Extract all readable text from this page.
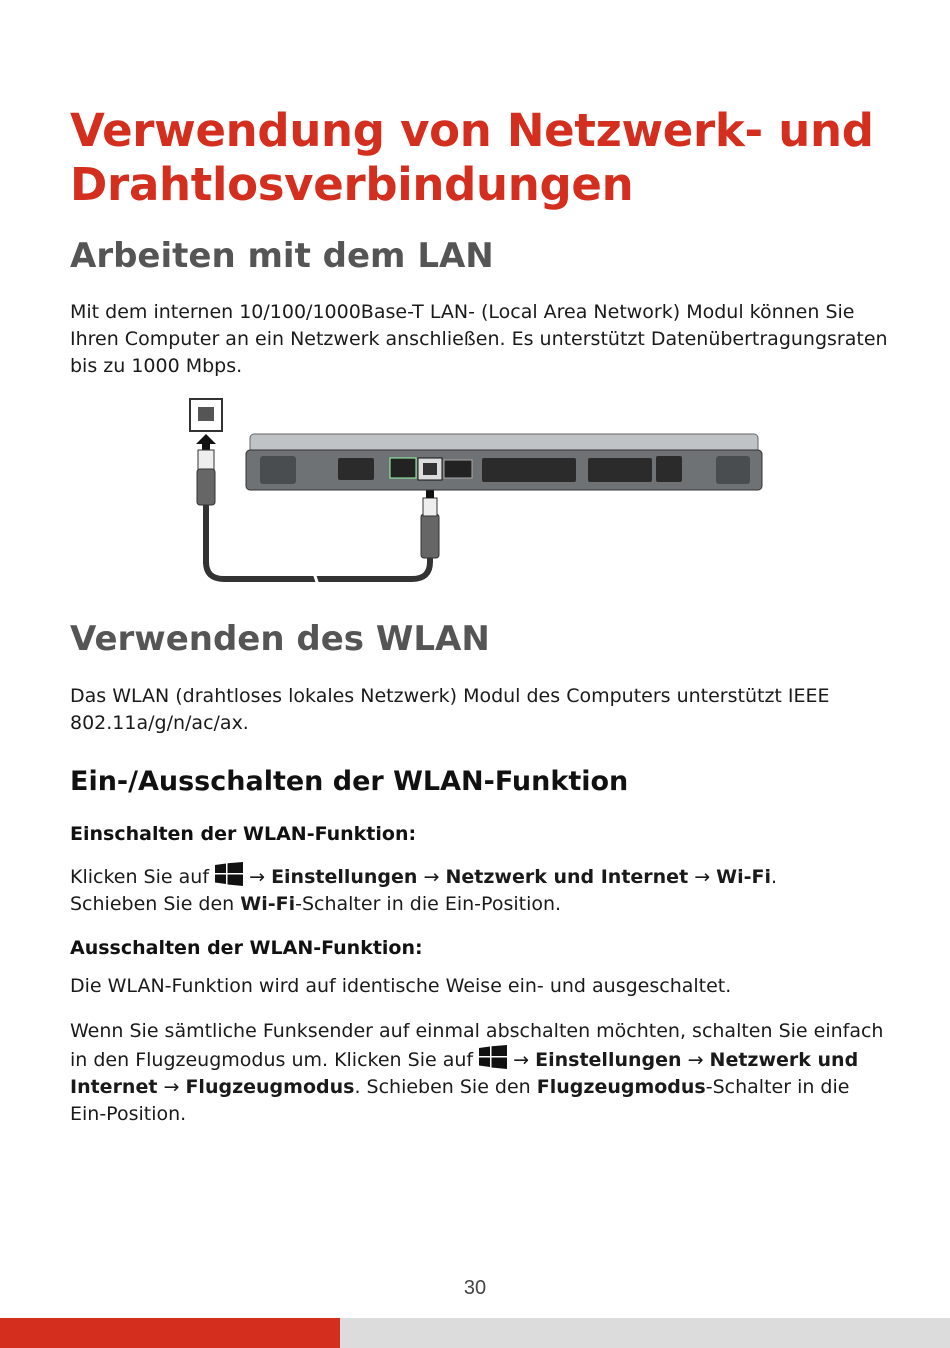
Verwendung von Netzwerk- und Drahtlosverbindungen
Arbeiten mit dem LAN

Mit dem internen 10/100/1000Base-T LAN- (Local Area Network) Modul können Sie Ihren Computer an ein Netzwerk anschließen. Es unterstützt Datenübertragungsraten bis zu 1000 Mbps.

Verwenden des WLAN

Das WLAN (drahtloses lokales Netzwerk) Modul des Computers unterstützt IEEE 802.11a/g/n/ac/ax.

Ein-/Ausschalten der WLAN-Funktion
Einschalten der WLAN-Funktion:

Klicken Sie auf  → Einstellungen → Netzwerk und Internet → Wi-Fi.
Schieben Sie den Wi-Fi-Schalter in die Ein-Position.

Ausschalten der WLAN-Funktion:

Die WLAN-Funktion wird auf identische Weise ein- und ausgeschaltet.

Wenn Sie sämtliche Funksender auf einmal abschalten möchten, schalten Sie einfach in den Flugzeugmodus um. Klicken Sie auf  → Einstellungen → Netzwerk und Internet → Flugzeugmodus. Schieben Sie den Flugzeugmodus-Schalter in die Ein-Position.

30
